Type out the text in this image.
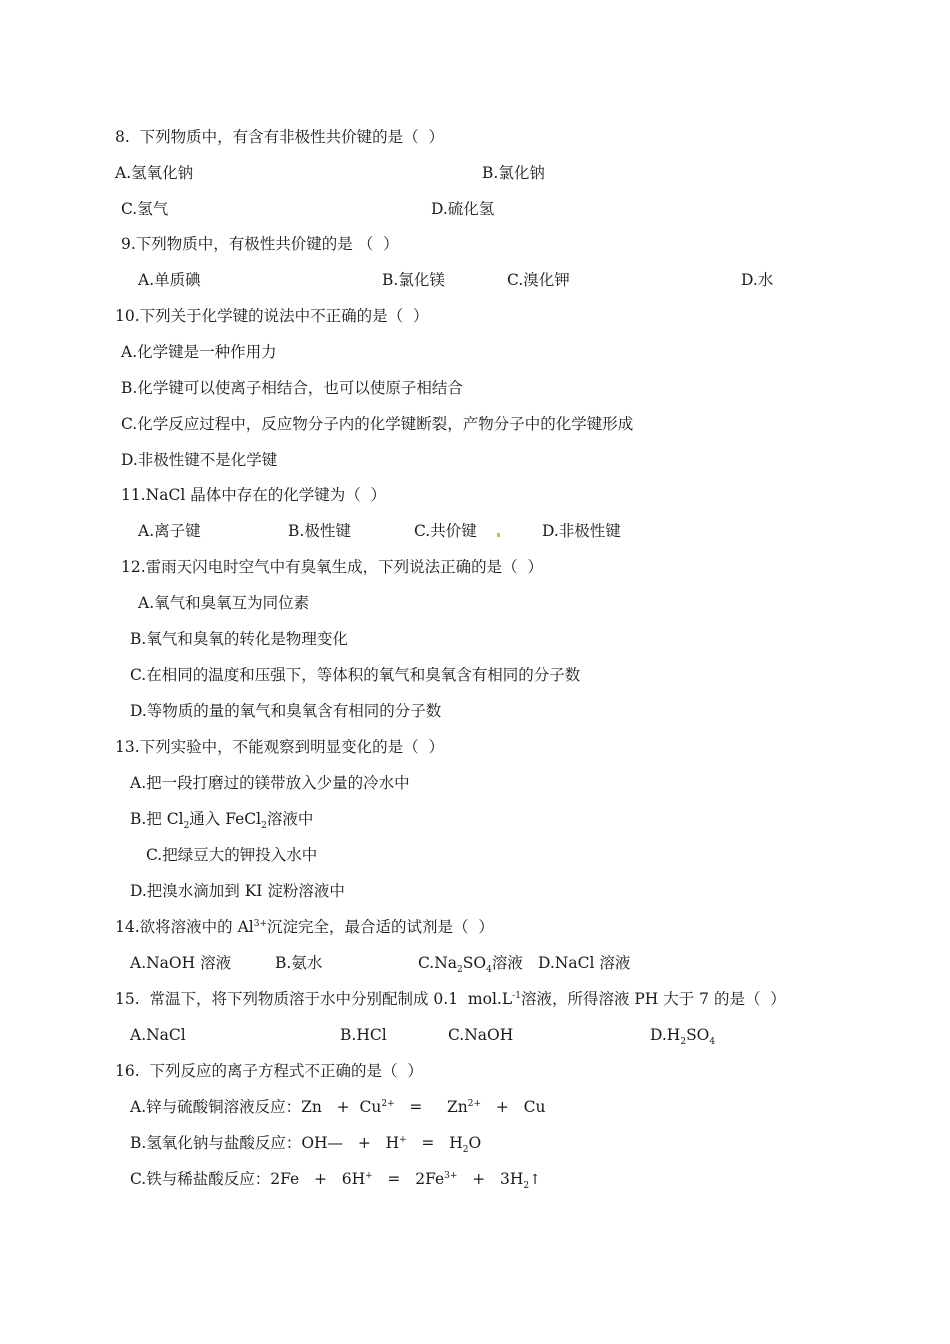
8.  下列物质中，有含有非极性共价键的是（  ）
A.氢氧化钠	B.氯化钠
C.氢气	D.硫化氢
9.下列物质中，有极性共价键的是 （  ）
A.单质碘	B.氯化镁	C.溴化钾	D.水
10.下列关于化学键的说法中不正确的是（  ）
A.化学键是一种作用力
B.化学键可以使离子相结合，也可以使原子相结合
C.化学反应过程中，反应物分子内的化学键断裂，产物分子中的化学键形成
D.非极性键不是化学键
11.NaCl 晶体中存在的化学键为（  ）
A.离子键	B.极性键	C.共价键	D.非极性键
12.雷雨天闪电时空气中有臭氧生成，下列说法正确的是（  ）
A.氧气和臭氧互为同位素
B.氧气和臭氧的转化是物理变化
C.在相同的温度和压强下，等体积的氧气和臭氧含有相同的分子数
D.等物质的量的氧气和臭氧含有相同的分子数
13.下列实验中，不能观察到明显变化的是（  ）
A.把一段打磨过的镁带放入少量的冷水中
B.把 $Cl_2$通入 FeCl$_2$溶液中
C.把绿豆大的钾投入水中
D.把溴水滴加到 KI 淀粉溶液中
14.欲将溶液中的 $Al^{3+}$沉淀完全，最合适的试剂是（  ）
A.NaOH 溶液	B.氨水	$C.Na_2SO_4$溶液 D.NaCl 溶液
15.  常温下，将下列物质溶于水中分别配制成 0.1  $mol.L^{-1}$溶液，所得溶液 PH 大于 7 的是（  ）
A.NaCl	B.HCl	C.NaOH	$D.H_2SO_4$
16.  下列反应的离子方程式不正确的是（  ）
A.锌与硫酸铜溶液反应：$Zn + Cu^{2+}$   =     $Zn^{2+} + Cu$
B.氢氧化钠与盐酸反应：OH—   +   $H^+ = H_2O$
C.铁与稀盐酸反应：$2Fe + 6H^+ = 2Fe^{3+}$   +   $3H_2↑$
